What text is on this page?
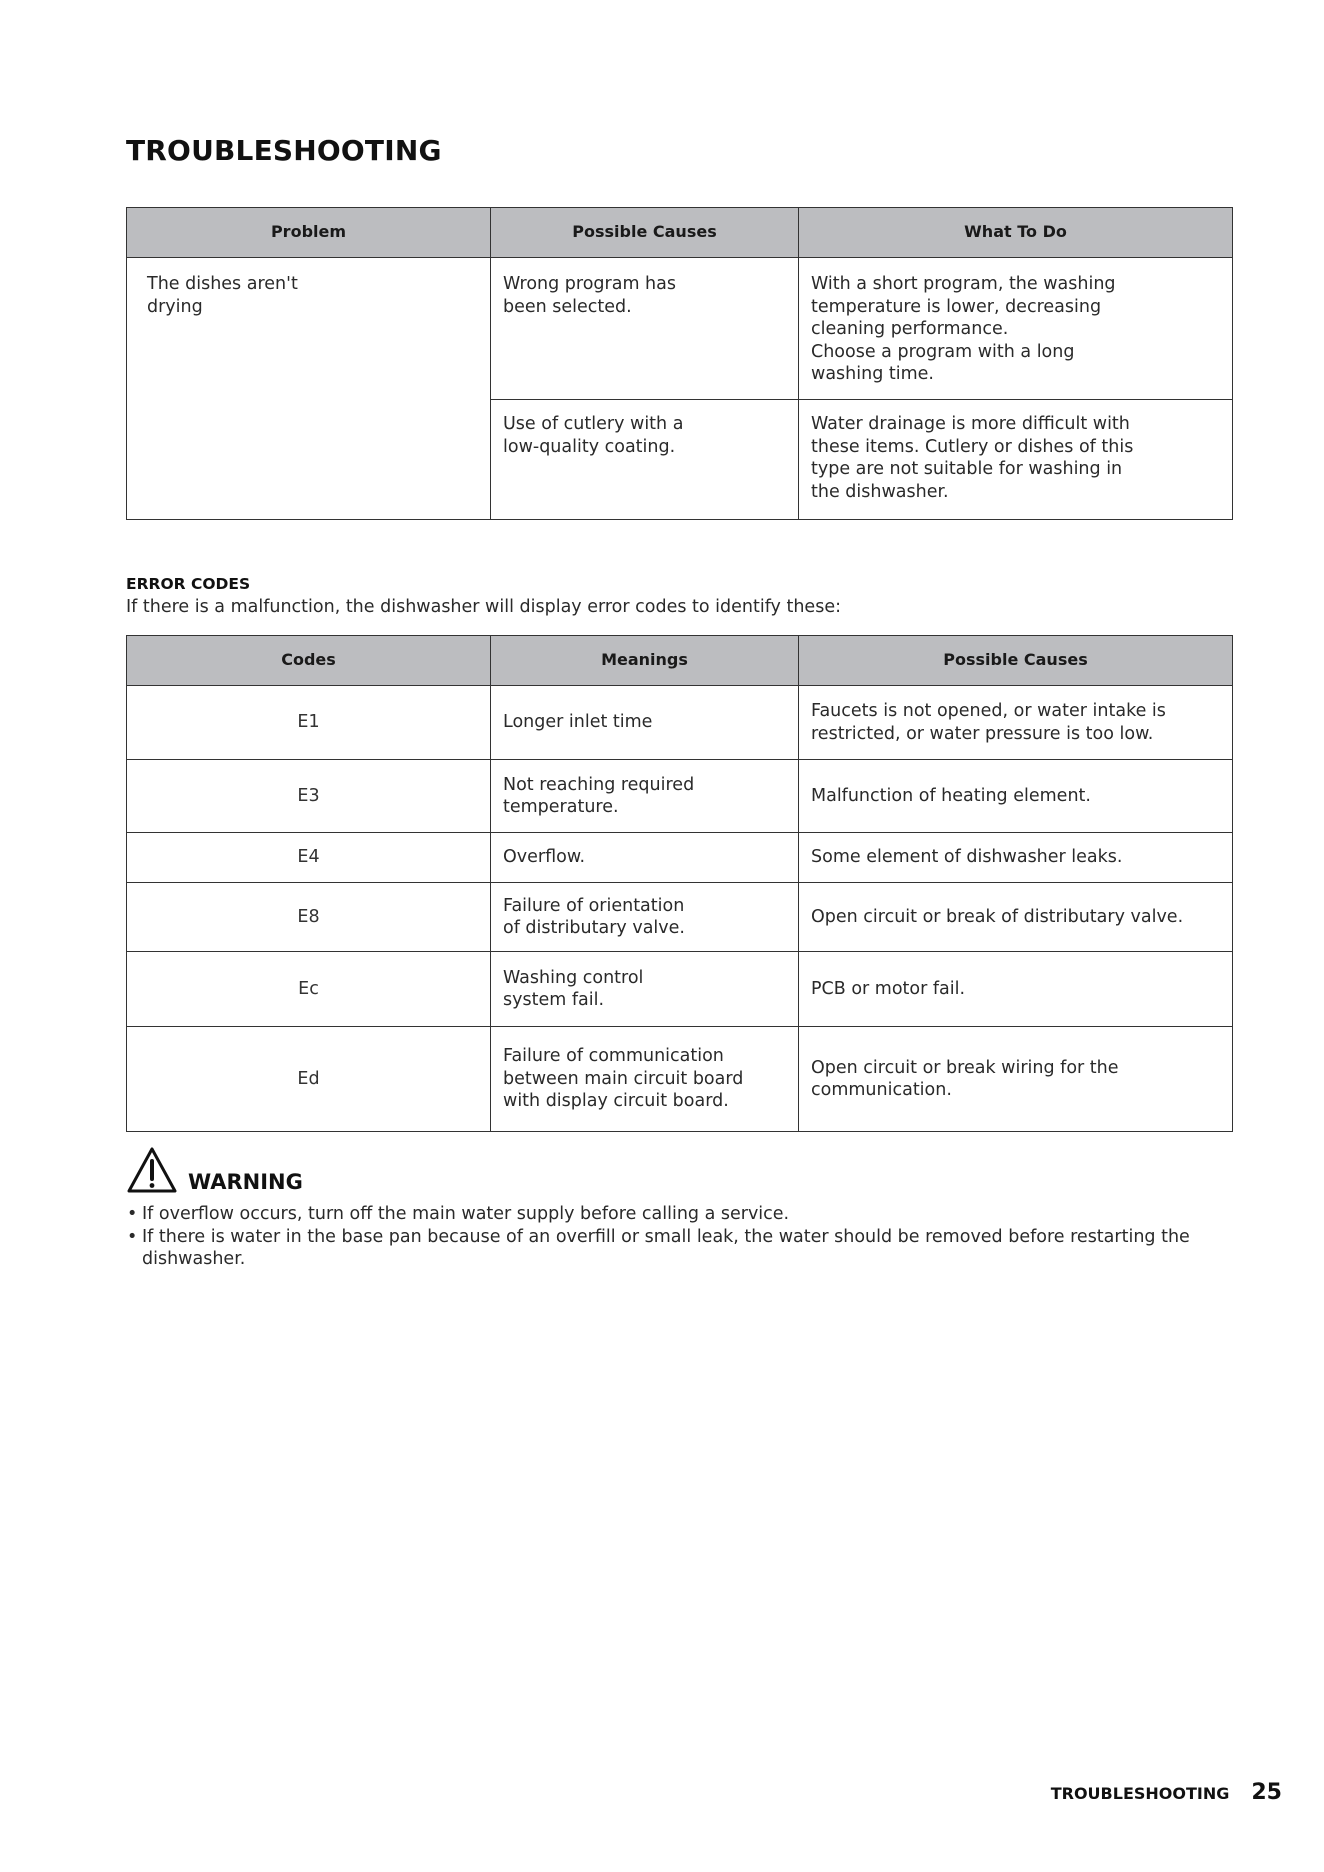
TROUBLESHOOTING
Problem	Possible Causes	What To Do

The dishes aren't
drying	Wrong program has
been selected.	With a short program, the washing
temperature is lower, decreasing
cleaning performance.
Choose a program with a long
washing time.

	Use of cutlery with a
low-quality coating.	Water drainage is more difficult with
these items. Cutlery or dishes of this
type are not suitable for washing in
the dishwasher.
ERROR CODES
If there is a malfunction, the dishwasher will display error codes to identify these:
Codes	Meanings	Possible Causes
E1	Longer inlet time	Faucets is not opened, or water intake is
restricted, or water pressure is too low.

E3	Not reaching required
temperature.	Malfunction of heating element.

E4	Overflow.	Some element of dishwasher leaks.

E8	Failure of orientation
of distributary valve.	Open circuit or break of distributary valve.

Ec	Washing control
system fail.	PCB or motor fail.

Ed	Failure of communication
between main circuit board
with display circuit board.	Open circuit or break wiring for the
communication.
WARNING
• If overflow occurs, turn off the main water supply before calling a service.
• If there is water in the base pan because of an overfill or small leak, the water should be removed before restarting the
dishwasher.
TROUBLESHOOTING 25
